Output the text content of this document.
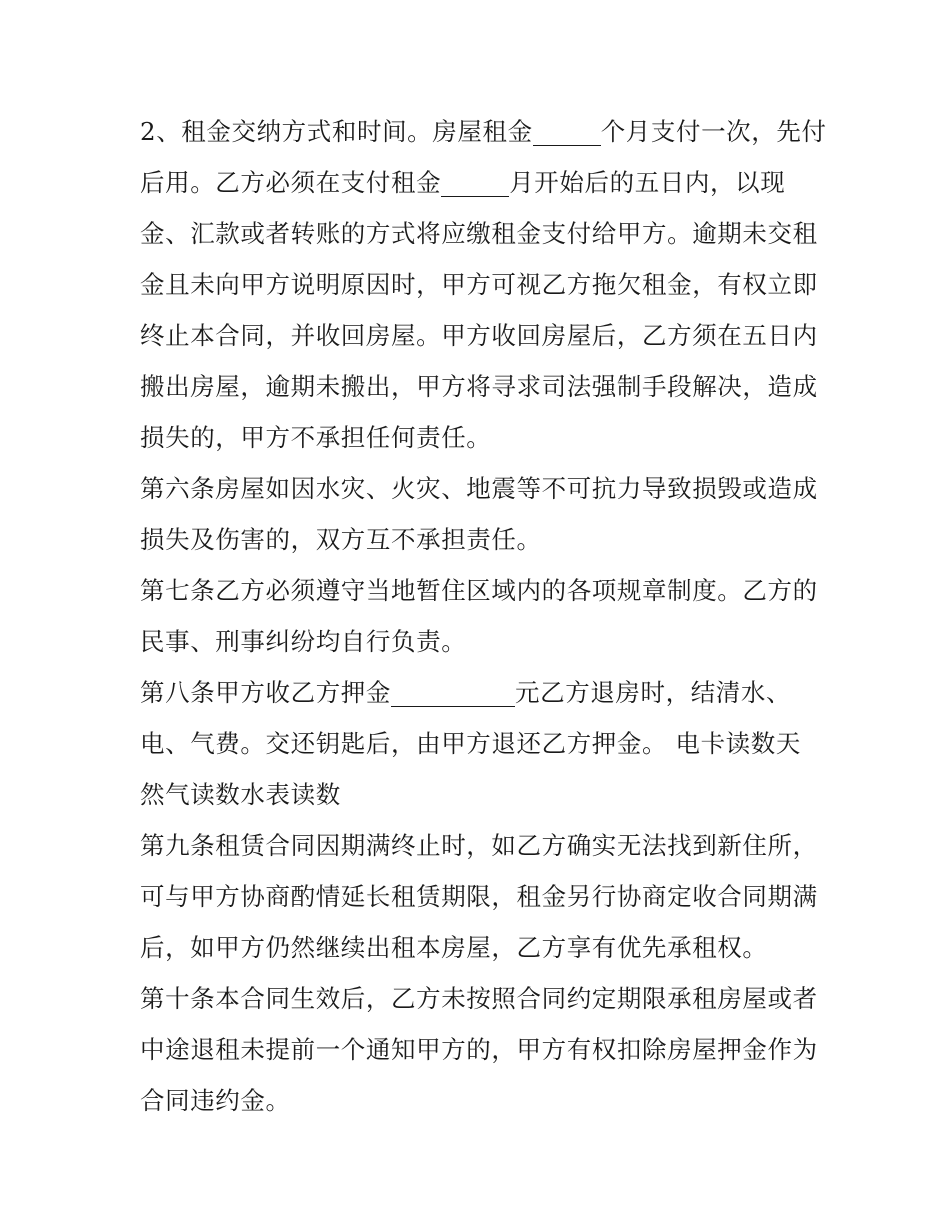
2、租金交纳方式和时间。房屋租金	个月支付一次，先付
后用。乙方必须在支付租金	月开始后的五日内，以现
金、汇款或者转账的方式将应缴租金支付给甲方。逾期未交租
金且未向甲方说明原因时，甲方可视乙方拖欠租金，有权立即
终止本合同，并收回房屋。甲方收回房屋后，乙方须在五日内
搬出房屋，逾期未搬出，甲方将寻求司法强制手段解决，造成
损失的，甲方不承担任何责任。
第六条房屋如因水灾、火灾、地震等不可抗力导致损毁或造成
损失及伤害的，双方互不承担责任。
第七条乙方必须遵守当地暂住区域内的各项规章制度。乙方的
民事、刑事纠纷均自行负责。
第八条甲方收乙方押金	元乙方退房时，结清水、
电、气费。交还钥匙后，由甲方退还乙方押金。 电卡读数天
然气读数水表读数
第九条租赁合同因期满终止时，如乙方确实无法找到新住所，
可与甲方协商酌情延长租赁期限，租金另行协商定收合同期满
后，如甲方仍然继续出租本房屋，乙方享有优先承租权。
第十条本合同生效后，乙方未按照合同约定期限承租房屋或者
中途退租未提前一个通知甲方的，甲方有权扣除房屋押金作为
合同违约金。
